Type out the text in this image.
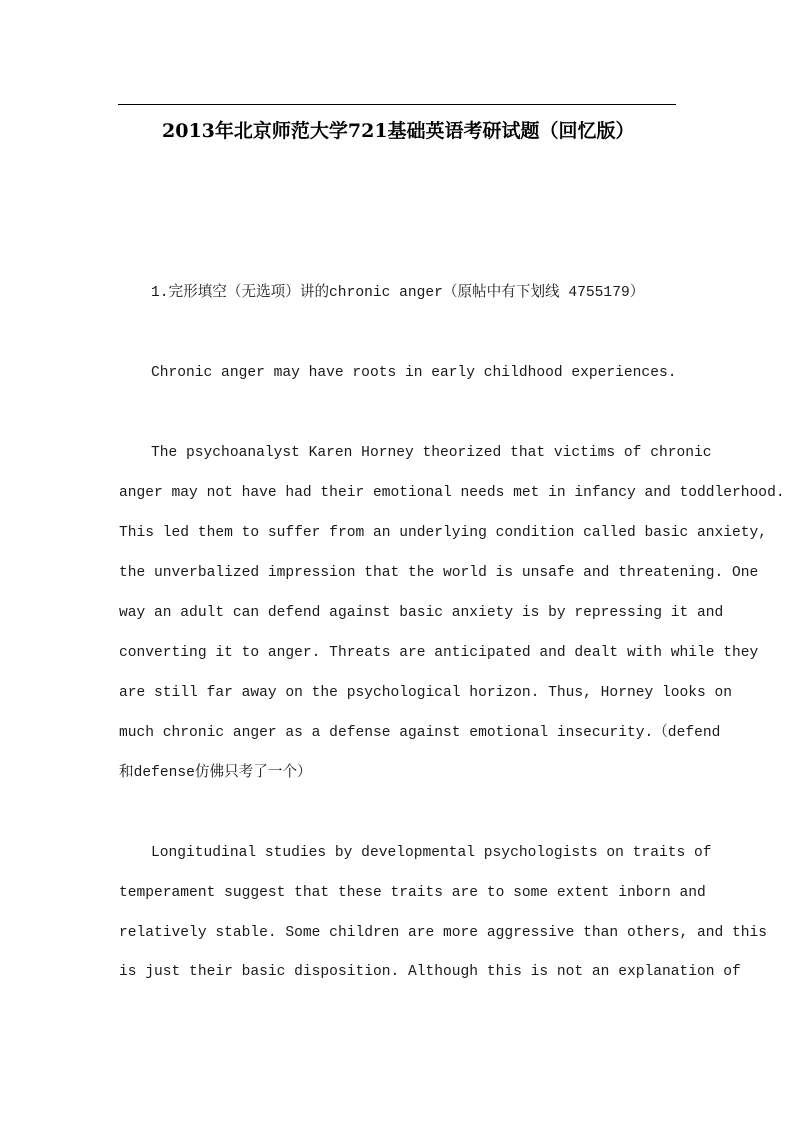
2013年北京师范大学721基础英语考研试题（回忆版）
1.完形填空（无选项）讲的chronic anger（原帖中有下划线 4755179）
Chronic anger may have roots in early childhood experiences.
The psychoanalyst Karen Horney theorized that victims of chronic
anger may not have had their emotional needs met in infancy and toddlerhood.
This led them to suffer from an underlying condition called basic anxiety,
the unverbalized impression that the world is unsafe and threatening. One
way an adult can defend against basic anxiety is by repressing it and
converting it to anger. Threats are anticipated and dealt with while they
are still far away on the psychological horizon. Thus, Horney looks on
much chronic anger as a defense against emotional insecurity.（defend
和defense仿佛只考了一个）
Longitudinal studies by developmental psychologists on traits of
temperament suggest that these traits are to some extent inborn and
relatively stable. Some children are more aggressive than others, and this
is just their basic disposition. Although this is not an explanation of
